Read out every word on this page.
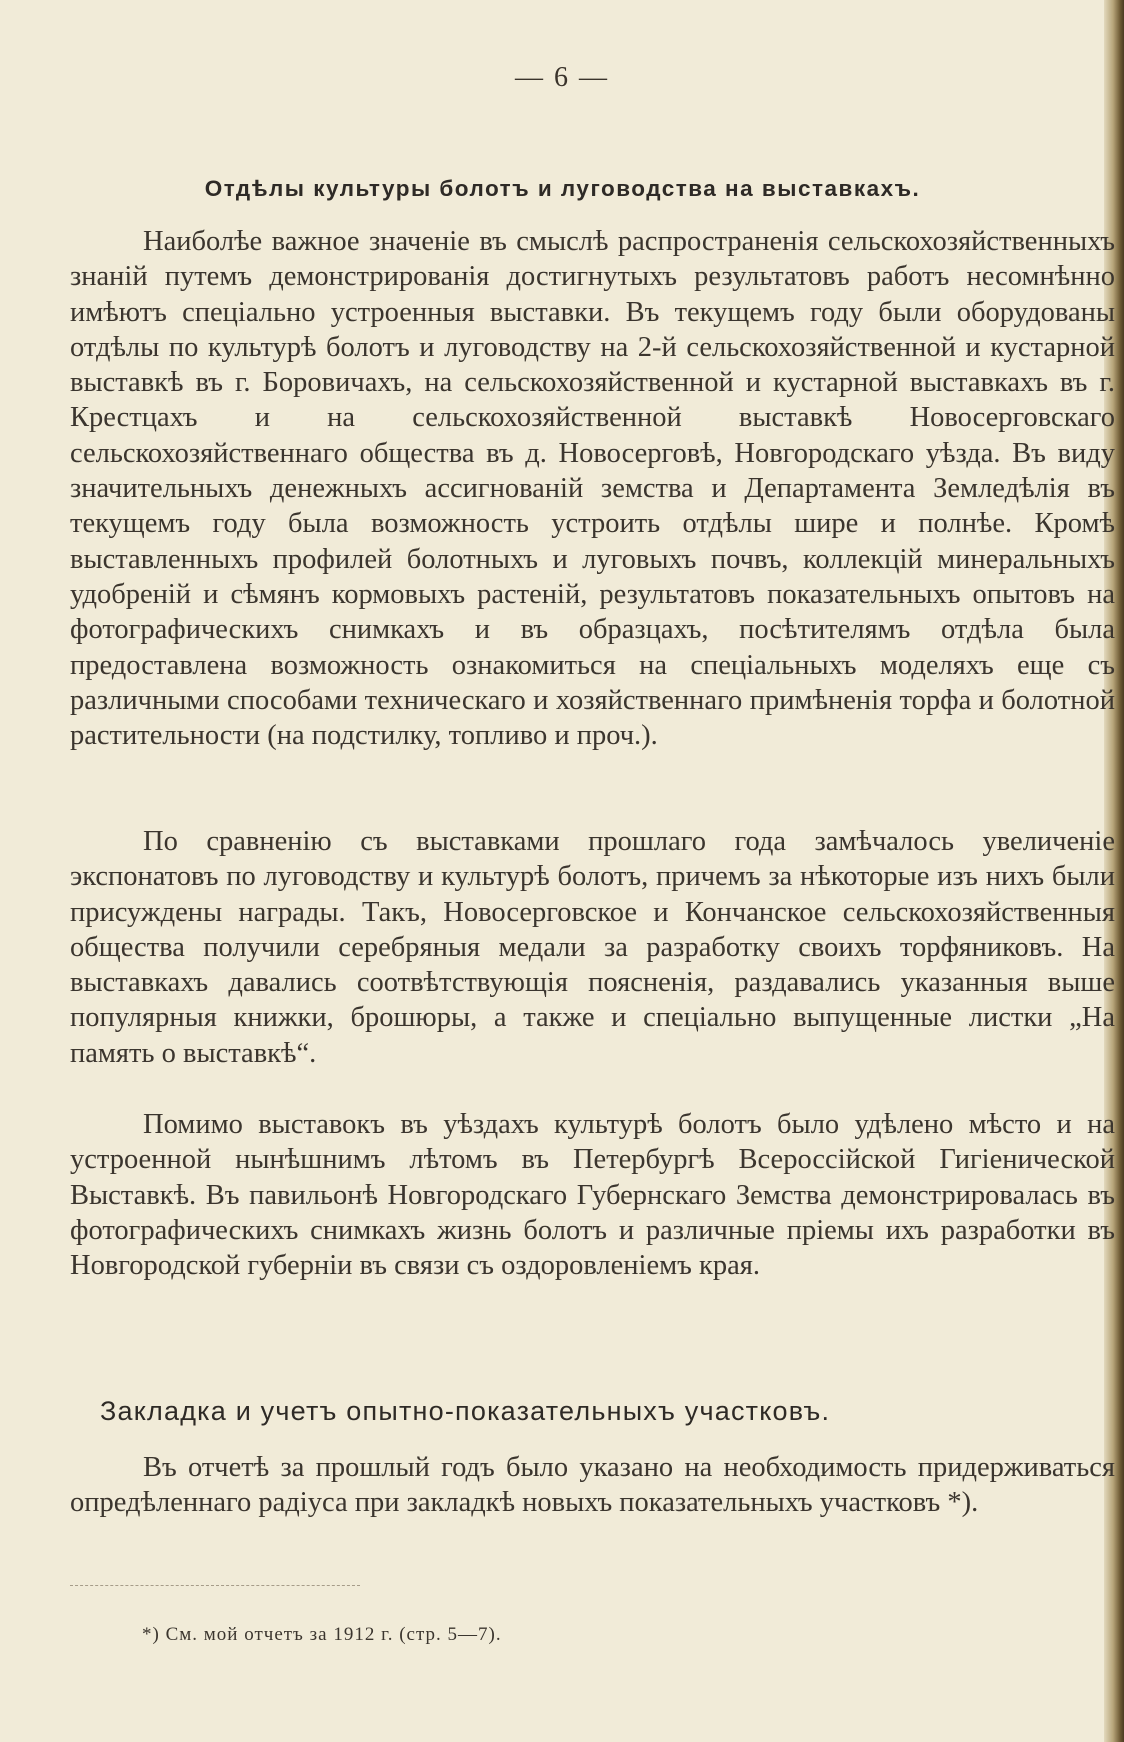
— 6 —
Отдѣлы культуры болотъ и луговодства на выставкахъ.

Наиболѣе важное значеніе въ смыслѣ распространенія сельскохозяйственныхъ знаній путемъ демонстрированія достигнутыхъ результатовъ работъ несомнѣнно имѣютъ спеціально устроенныя выставки. Въ текущемъ году были оборудованы отдѣлы по культурѣ болотъ и луговодству на 2-й сельскохозяйственной и кустарной выставкѣ въ г. Боровичахъ, на сельскохозяйственной и кустарной выставкахъ въ г. Крестцахъ и на сельскохозяйственной выставкѣ Новосерговскаго сельскохозяйственнаго общества въ д. Новосерговѣ, Новгородскаго уѣзда. Въ виду значительныхъ денежныхъ ассигнованій земства и Департамента Земледѣлія въ текущемъ году была возможность устроить отдѣлы шире и полнѣе. Кромѣ выставленныхъ профилей болотныхъ и луговыхъ почвъ, коллекцій минеральныхъ удобреній и сѣмянъ кормовыхъ растеній, результатовъ показательныхъ опытовъ на фотографическихъ снимкахъ и въ образцахъ, посѣтителямъ отдѣла была предоставлена возможность ознакомиться на спеціальныхъ моделяхъ еще съ различными способами техническаго и хозяйственнаго примѣненія торфа и болотной растительности (на подстилку, топливо и проч.).

По сравненію съ выставками прошлаго года замѣчалось увеличеніе экспонатовъ по луговодству и культурѣ болотъ, причемъ за нѣкоторые изъ нихъ были присуждены награды. Такъ, Новосерговское и Кончанское сельскохозяйственныя общества получили серебряныя медали за разработку своихъ торфяниковъ. На выставкахъ давались соотвѣтствующія поясненія, раздавались указанныя выше популярныя книжки, брошюры, а также и спеціально выпущенные листки „На память о выставкѣ“.

Помимо выставокъ въ уѣздахъ культурѣ болотъ было удѣлено мѣсто и на устроенной нынѣшнимъ лѣтомъ въ Петербургѣ Всероссійской Гигіенической Выставкѣ. Въ павильонѣ Новгородскаго Губернскаго Земства демонстрировалась въ фотографическихъ снимкахъ жизнь болотъ и различные пріемы ихъ разработки въ Новгородской губерніи въ связи съ оздоровленіемъ края.

Закладка и учетъ опытно-показательныхъ участковъ.

Въ отчетѣ за прошлый годъ было указано на необходимость придерживаться опредѣленнаго радіуса при закладкѣ новыхъ показательныхъ участковъ *).

*) См. мой отчетъ за 1912 г. (стр. 5—7).
